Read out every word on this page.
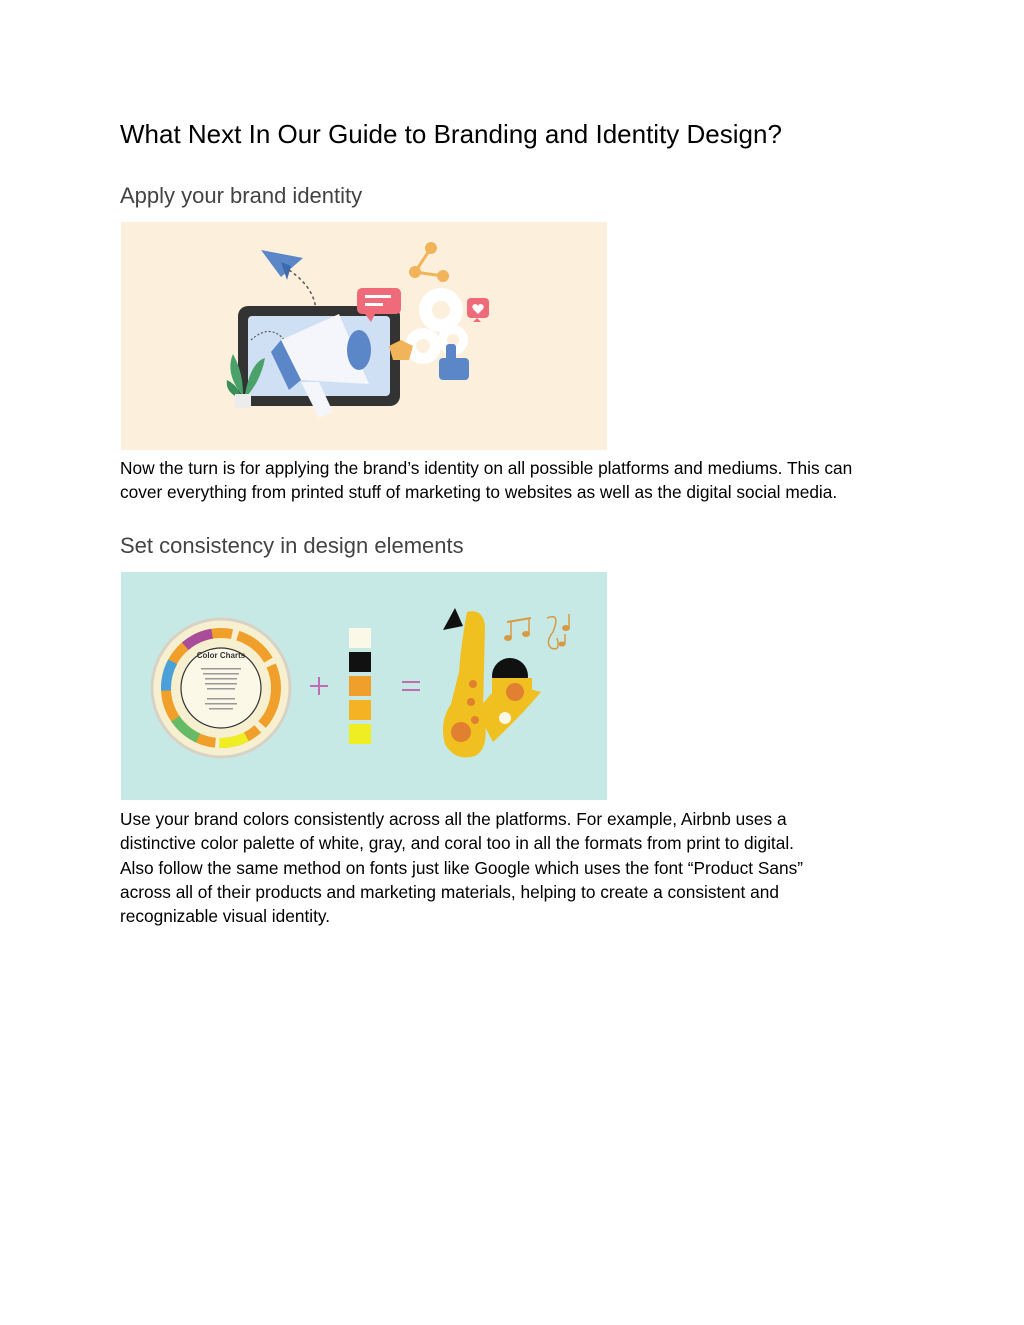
What Next In Our Guide to Branding and Identity Design?
Apply your brand identity

Now the turn is for applying the brand’s identity on all possible platforms and mediums. This can
cover everything from printed stuff of marketing to websites as well as the digital social media.

Set consistency in design elements
Color Charts

Use your brand colors consistently across all the platforms. For example, Airbnb uses a
distinctive color palette of white, gray, and coral too in all the formats from print to digital.
Also follow the same method on fonts just like Google which uses the font “Product Sans”
across all of their products and marketing materials, helping to create a consistent and
recognizable visual identity.
